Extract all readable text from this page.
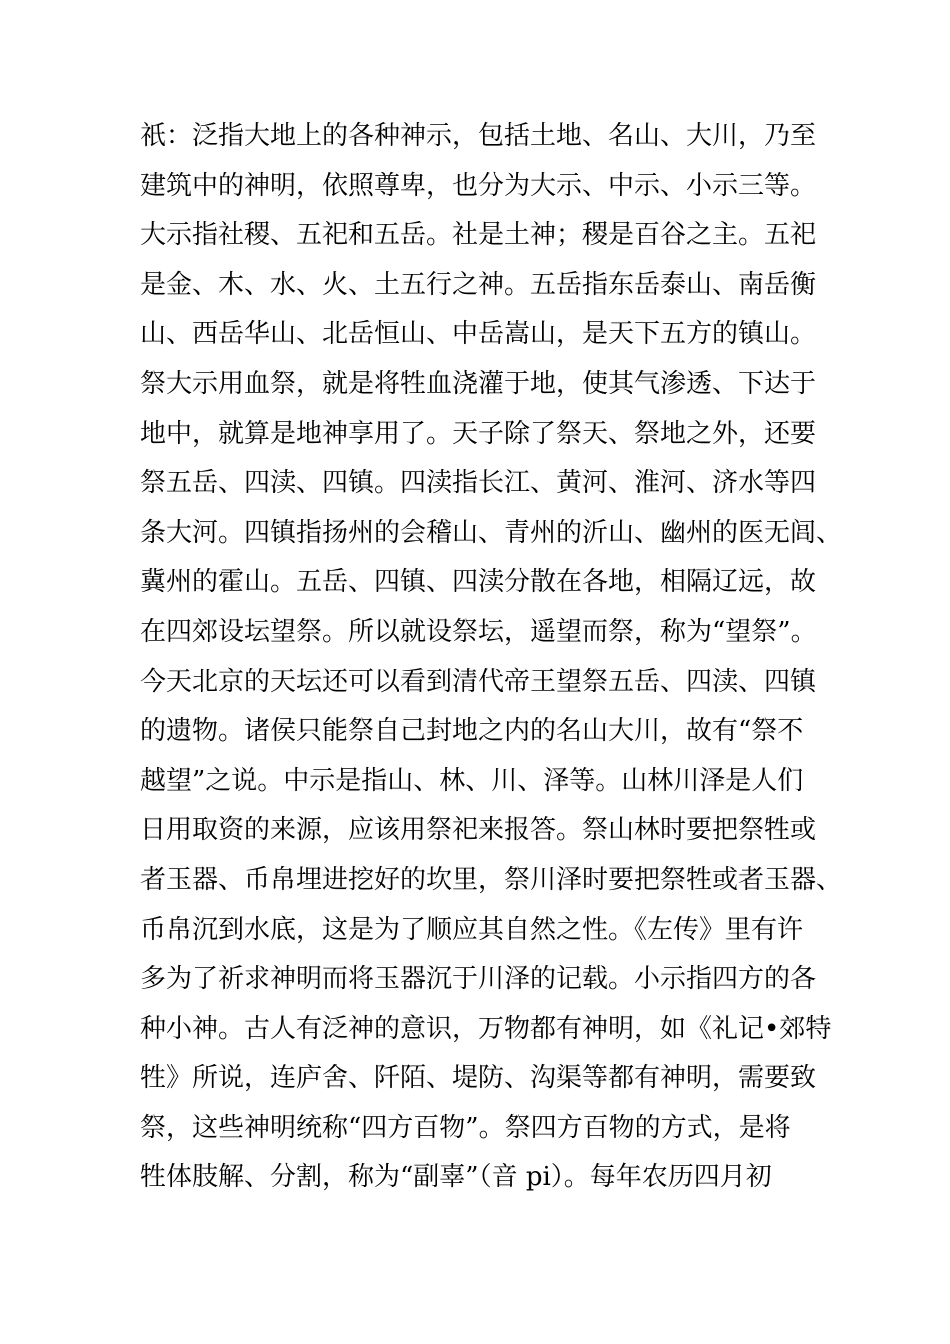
祇：泛指大地上的各种神示，包括土地、名山、大川，乃至
建筑中的神明，依照尊卑，也分为大示、中示、小示三等。
大示指社稷、五祀和五岳。社是土神；稷是百谷之主。五祀
是金、木、水、火、土五行之神。五岳指东岳泰山、南岳衡
山、西岳华山、北岳恒山、中岳嵩山，是天下五方的镇山。
祭大示用血祭，就是将牲血浇灌于地，使其气渗透、下达于
地中，就算是地神享用了。天子除了祭天、祭地之外，还要
祭五岳、四渎、四镇。四渎指长江、黄河、淮河、济水等四
条大河。四镇指扬州的会稽山、青州的沂山、幽州的医无闾、
冀州的霍山。五岳、四镇、四渎分散在各地，相隔辽远，故
在四郊设坛望祭。所以就设祭坛，遥望而祭，称为“望祭”。
今天北京的天坛还可以看到清代帝王望祭五岳、四渎、四镇
的遗物。诸侯只能祭自己封地之内的名山大川，故有“祭不
越望”之说。中示是指山、林、川、泽等。山林川泽是人们
日用取资的来源，应该用祭祀来报答。祭山林时要把祭牲或
者玉器、币帛埋进挖好的坎里，祭川泽时要把祭牲或者玉器、
币帛沉到水底，这是为了顺应其自然之性。《左传》里有许
多为了祈求神明而将玉器沉于川泽的记载。小示指四方的各
种小神。古人有泛神的意识，万物都有神明，如《礼记•郊特
牲》所说，连庐舍、阡陌、堤防、沟渠等都有神明，需要致
祭，这些神明统称“四方百物”。祭四方百物的方式，是将
牲体肢解、分割，称为“副辜”（音 pi）。每年农历四月初
